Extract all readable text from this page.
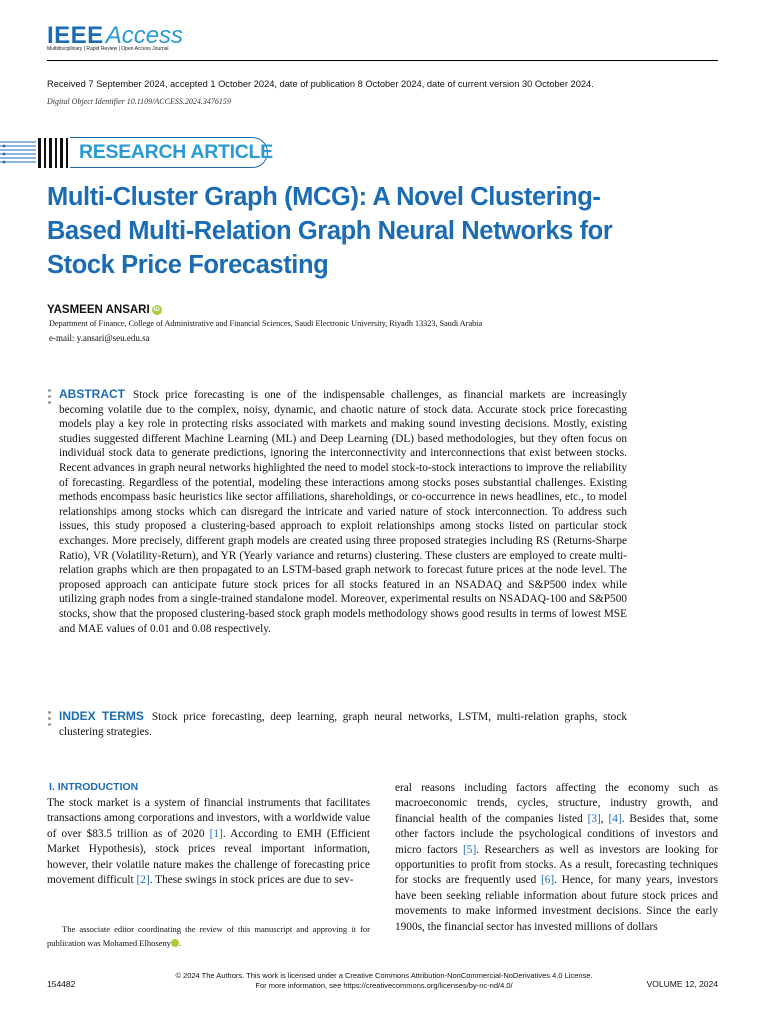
IEEEAccess
Multidisciplinary | Rapid Review | Open Access Journal
Received 7 September 2024, accepted 1 October 2024, date of publication 8 October 2024, date of current version 30 October 2024.
Digital Object Identifier 10.1109/ACCESS.2024.3476159
RESEARCH ARTICLE
Multi-Cluster Graph (MCG): A Novel Clustering-Based Multi-Relation Graph Neural Networks for Stock Price Forecasting
YASMEEN ANSARI iD
Department of Finance, College of Administrative and Financial Sciences, Saudi Electronic University, Riyadh 13323, Saudi Arabia
e-mail: y.ansari@seu.edu.sa
ABSTRACT Stock price forecasting is one of the indispensable challenges, as financial markets are increasingly becoming volatile due to the complex, noisy, dynamic, and chaotic nature of stock data. Accurate stock price forecasting models play a key role in protecting risks associated with markets and making sound investing decisions. Mostly, existing studies suggested different Machine Learning (ML) and Deep Learning (DL) based methodologies, but they often focus on individual stock data to generate predictions, ignoring the interconnectivity and interconnections that exist between stocks. Recent advances in graph neural networks highlighted the need to model stock-to-stock interactions to improve the reliability of forecasting. Regardless of the potential, modeling these interactions among stocks poses substantial challenges. Existing methods encompass basic heuristics like sector affiliations, shareholdings, or co-occurrence in news headlines, etc., to model relationships among stocks which can disregard the intricate and varied nature of stock interconnection. To address such issues, this study proposed a clustering-based approach to exploit relationships among stocks listed on particular stock exchanges. More precisely, different graph models are created using three proposed strategies including RS (Returns-Sharpe Ratio), VR (Volatility-Return), and YR (Yearly variance and returns) clustering. These clusters are employed to create multi-relation graphs which are then propagated to an LSTM-based graph network to forecast future prices at the node level. The proposed approach can anticipate future stock prices for all stocks featured in an NSADAQ and S&P500 index while utilizing graph nodes from a single-trained standalone model. Moreover, experimental results on NSADAQ-100 and S&P500 stocks, show that the proposed clustering-based stock graph models methodology shows good results in terms of lowest MSE and MAE values of 0.01 and 0.08 respectively.
INDEX TERMS Stock price forecasting, deep learning, graph neural networks, LSTM, multi-relation graphs, stock clustering strategies.
I. INTRODUCTION
The stock market is a system of financial instruments that facilitates transactions among corporations and investors, with a worldwide value of over $83.5 trillion as of 2020 [1]. According to EMH (Efficient Market Hypothesis), stock prices reveal important information, however, their volatile nature makes the challenge of forecasting price movement difficult [2]. These swings in stock prices are due to sev-
The associate editor coordinating the review of this manuscript and approving it for publication was Mohamed Elhoseny	iD.
eral reasons including factors affecting the economy such as macroeconomic trends, cycles, structure, industry growth, and financial health of the companies listed [3], [4]. Besides that, some other factors include the psychological conditions of investors and micro factors [5]. Researchers as well as investors are looking for opportunities to profit from stocks. As a result, forecasting techniques for stocks are frequently used [6]. Hence, for many years, investors have been seeking reliable information about future stock prices and movements to make informed investment decisions. Since the early 1900s, the financial sector has invested millions of dollars
© 2024 The Authors. This work is licensed under a Creative Commons Attribution-NonCommercial-NoDerivatives 4.0 License.
For more information, see https://creativecommons.org/licenses/by-nc-nd/4.0/
154482	VOLUME 12, 2024
